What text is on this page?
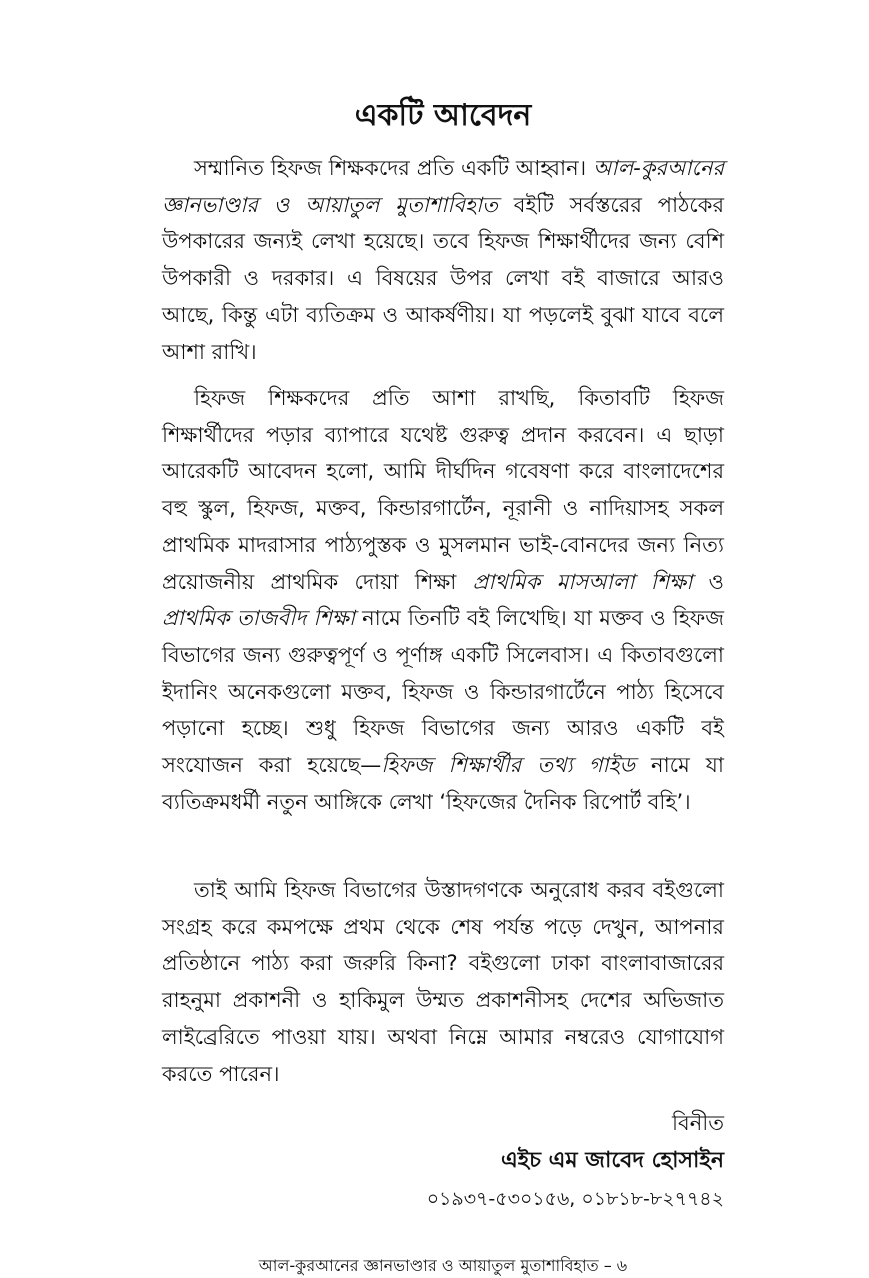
একটি আবেদন

সম্মানিত হিফজ শিক্ষকদের প্রতি একটি আহ্বান। আল-কুরআনের জ্ঞানভাণ্ডার ও আয়াতুল মুতাশাবিহাত বইটি সর্বস্তরের পাঠকের উপকারের জন্যই লেখা হয়েছে। তবে হিফজ শিক্ষার্থীদের জন্য বেশি উপকারী ও দরকার। এ বিষয়ের উপর লেখা বই বাজারে আরও আছে, কিন্তু এটা ব্যতিক্রম ও আকর্ষণীয়। যা পড়লেই বুঝা যাবে বলে আশা রাখি।

হিফজ শিক্ষকদের প্রতি আশা রাখছি, কিতাবটি হিফজ শিক্ষার্থীদের পড়ার ব্যাপারে যথেষ্ট গুরুত্ব প্রদান করবেন। এ ছাড়া আরেকটি আবেদন হলো, আমি দীর্ঘদিন গবেষণা করে বাংলাদেশের বহু স্কুল, হিফজ, মক্তব, কিন্ডারগার্টেন, নূরানী ও নাদিয়াসহ সকল প্রাথমিক মাদরাসার পাঠ্যপুস্তক ও মুসলমান ভাই-বোনদের জন্য নিত্য প্রয়োজনীয় প্রাথমিক দোয়া শিক্ষা প্রাথমিক মাসআলা শিক্ষা ও প্রাথমিক তাজবীদ শিক্ষা নামে তিনটি বই লিখেছি। যা মক্তব ও হিফজ বিভাগের জন্য গুরুত্বপূর্ণ ও পূর্ণাঙ্গ একটি সিলেবাস। এ কিতাবগুলো ইদানিং অনেকগুলো মক্তব, হিফজ ও কিন্ডারগার্টেনে পাঠ্য হিসেবে পড়ানো হচ্ছে। শুধু হিফজ বিভাগের জন্য আরও একটি বই সংযোজন করা হয়েছে—হিফজ শিক্ষার্থীর তথ্য গাইড নামে যা ব্যতিক্রমধর্মী নতুন আঙ্গিকে লেখা ‘হিফজের দৈনিক রিপোর্ট বহি’।

তাই আমি হিফজ বিভাগের উস্তাদগণকে অনুরোধ করব বইগুলো সংগ্রহ করে কমপক্ষে প্রথম থেকে শেষ পর্যন্ত পড়ে দেখুন, আপনার প্রতিষ্ঠানে পাঠ্য করা জরুরি কিনা? বইগুলো ঢাকা বাংলাবাজারের রাহনুমা প্রকাশনী ও হাকিমুল উম্মত প্রকাশনীসহ দেশের অভিজাত লাইব্রেরিতে পাওয়া যায়। অথবা নিম্নে আমার নম্বরেও যোগাযোগ করতে পারেন।

বিনীত
এইচ এম জাবেদ হোসাইন
০১৯৩৭-৫৩০১৫৬, ০১৮১৮-৮২৭৭৪২
আল-কুরআনের জ্ঞানভাণ্ডার ও আয়াতুল মুতাশাবিহাত – ৬
